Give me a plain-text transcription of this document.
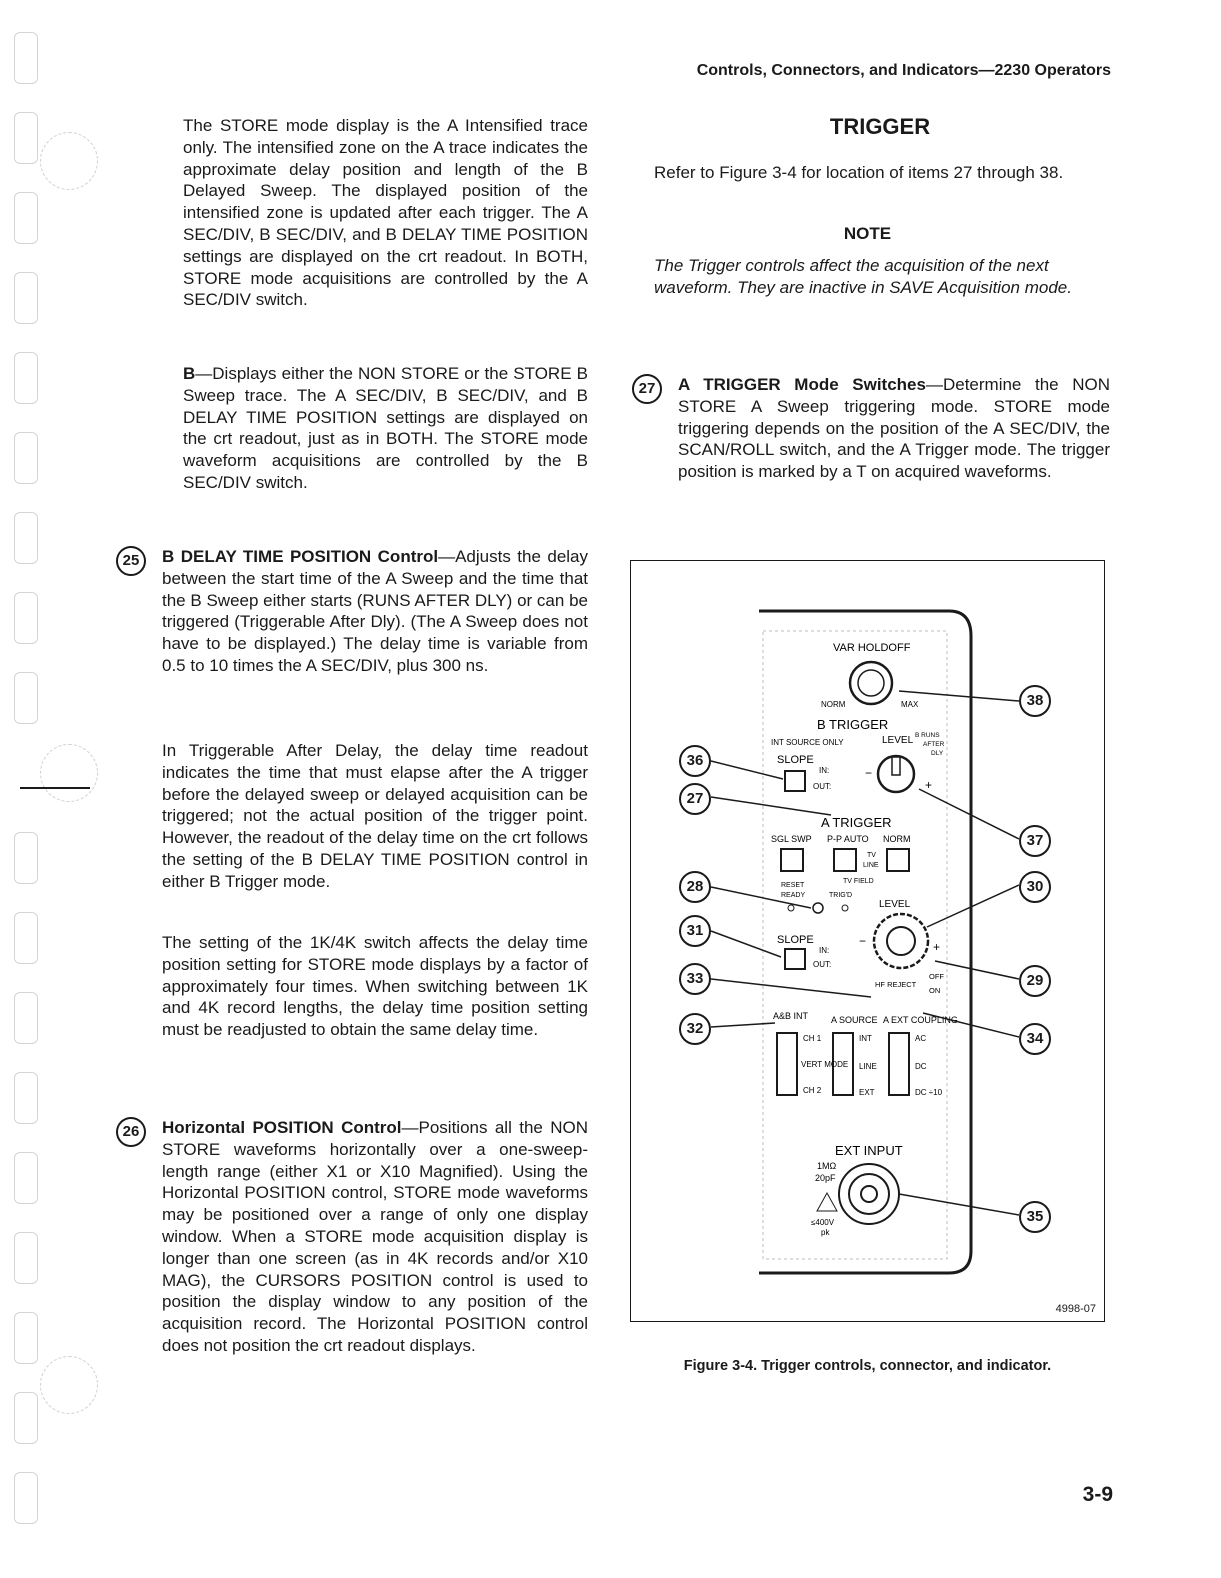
Controls, Connectors, and Indicators—2230 Operators

The STORE mode display is the A Intensified trace only. The intensified zone on the A trace indicates the approximate delay position and length of the B Delayed Sweep. The displayed position of the intensified zone is updated after each trigger. The A SEC/DIV, B SEC/DIV, and B DELAY TIME POSITION settings are displayed on the crt readout. In BOTH, STORE mode acquisitions are controlled by the A SEC/DIV switch.

B—Displays either the NON STORE or the STORE B Sweep trace. The A SEC/DIV, B SEC/DIV, and B DELAY TIME POSITION settings are displayed on the crt readout, just as in BOTH. The STORE mode waveform acquisitions are controlled by the B SEC/DIV switch.

25	B DELAY TIME POSITION Control—Adjusts the delay between the start time of the A Sweep and the time that the B Sweep either starts (RUNS AFTER DLY) or can be triggered (Triggerable After Dly). (The A Sweep does not have to be displayed.) The delay time is variable from 0.5 to 10 times the A SEC/DIV, plus 300 ns.

In Triggerable After Delay, the delay time readout indicates the time that must elapse after the A trigger before the delayed sweep or delayed acquisition can be triggered; not the actual position of the trigger point. However, the readout of the delay time on the crt follows the setting of the B DELAY TIME POSITION control in either B Trigger mode.

The setting of the 1K/4K switch affects the delay time position setting for STORE mode displays by a factor of approximately four times. When switching between 1K and 4K record lengths, the delay time position setting must be readjusted to obtain the same delay time.

26	Horizontal POSITION Control—Positions all the NON STORE waveforms horizontally over a one-sweep-length range (either X1 or X10 Magnified). Using the Horizontal POSITION control, STORE mode waveforms may be positioned over a range of only one display window. When a STORE mode acquisition display is longer than one screen (as in 4K records and/or X10 MAG), the CURSORS POSITION control is used to position the display window to any position of the acquisition record. The Horizontal POSITION control does not position the crt readout displays.
TRIGGER

Refer to Figure 3-4 for location of items 27 through 38.

NOTE
The Trigger controls affect the acquisition of the next waveform. They are inactive in SAVE Acquisition mode.
27	A TRIGGER Mode Switches—Determine the NON STORE A Sweep triggering mode. STORE mode triggering depends on the position of the A SEC/DIV, the SCAN/ROLL switch, and the A Trigger mode. The trigger position is marked by a T on acquired waveforms.
VAR HOLDOFF
NORM	MAX
B TRIGGER
INT SOURCE ONLY	LEVEL B RUNS
AFTER
DLY
SLOPE
IN:
OUT:	+
−
A TRIGGER
SGL SWP P-P AUTO NORM
TV
LINE
TV FIELD
RESET
READY	TRIG'D
LEVEL
SLOPE
IN:
OUT:
+
−
HF REJECT
OFF
ON
A&B INT	A SOURCE A EXT COUPLING
CH 1
VERT MODE
CH 2
INT
LINE
EXT
AC
DC
DC ÷10
EXT INPUT
1MΩ
20pF
≤400V
pk
36
27
28
31
33
32
38
37
30
29
34
35
4998-07
Figure 3-4. Trigger controls, connector, and indicator.
3-9
